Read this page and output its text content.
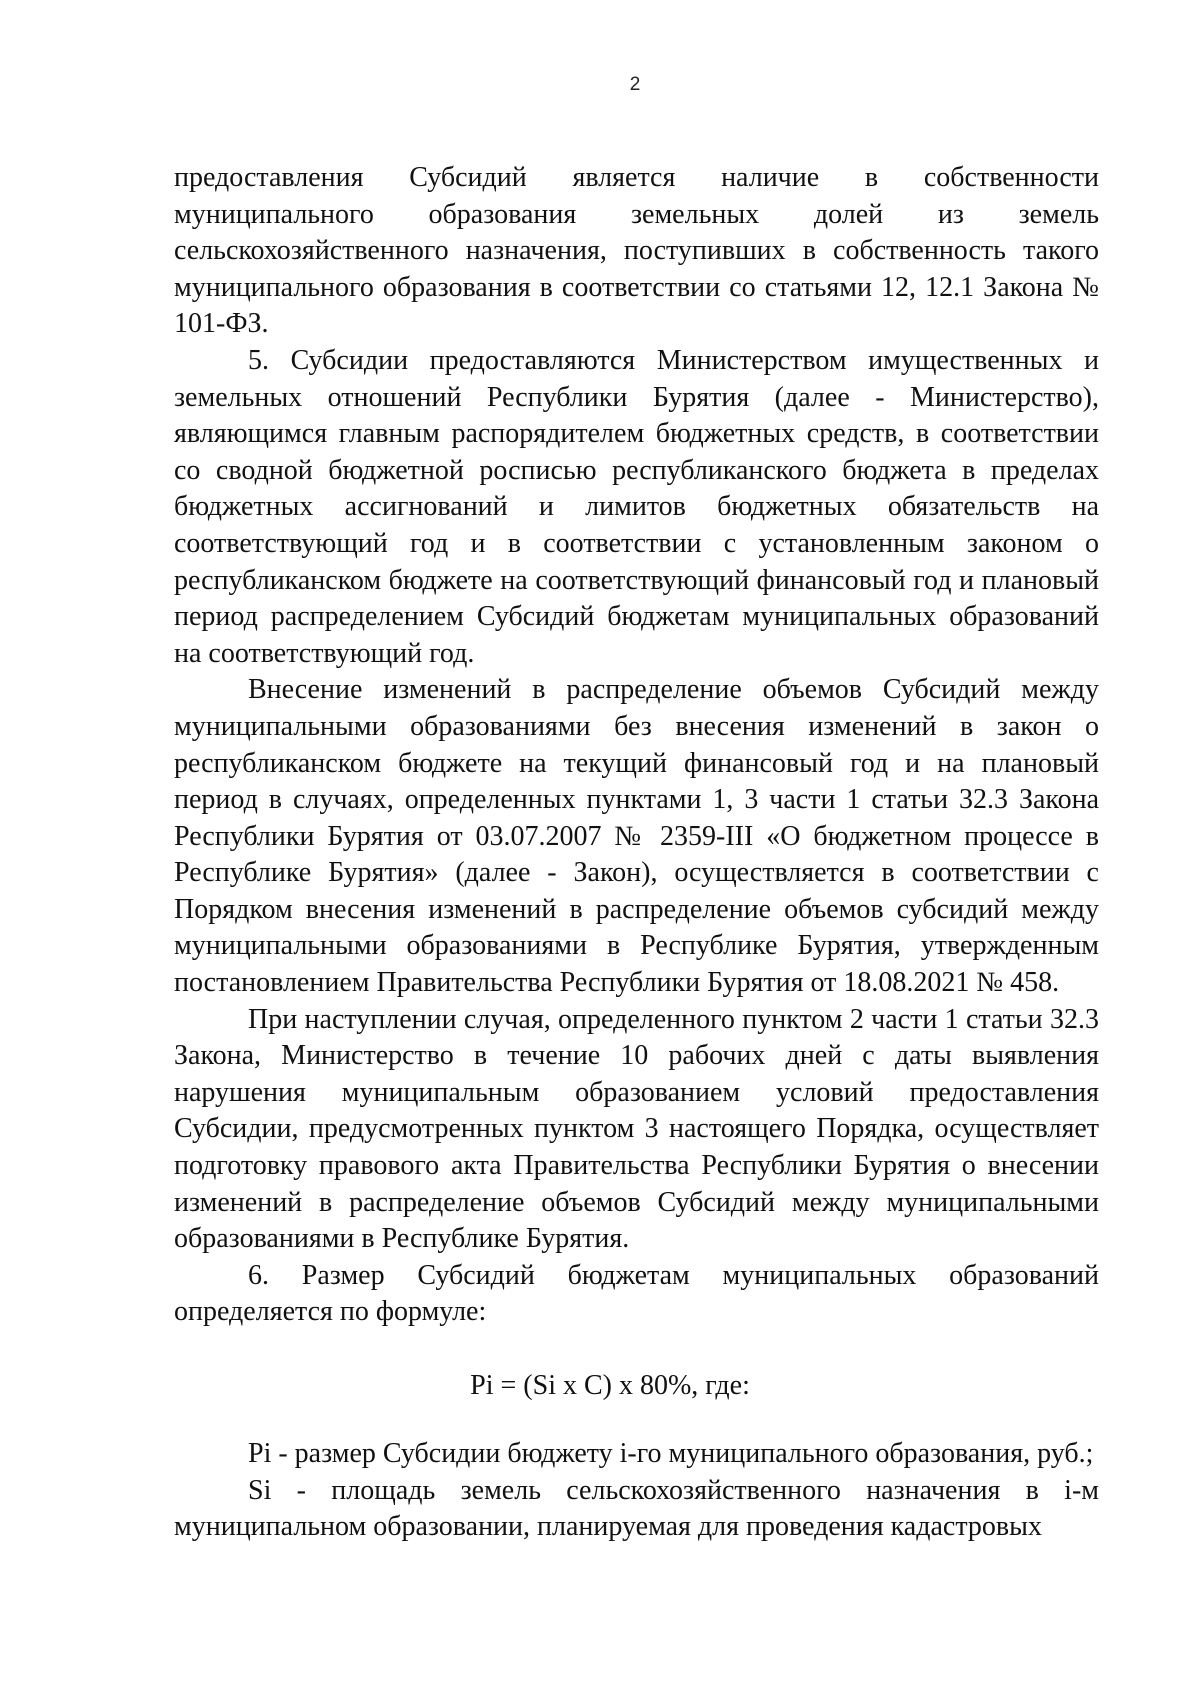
2

предоставления Субсидий является наличие в собственности муниципального образования земельных долей из земель сельскохозяйственного назначения, поступивших в собственность такого муниципального образования в соответствии со статьями 12, 12.1 Закона № 101-ФЗ.

5. Субсидии предоставляются Министерством имущественных и земельных отношений Республики Бурятия (далее - Министерство), являющимся главным распорядителем бюджетных средств, в соответствии со сводной бюджетной росписью республиканского бюджета в пределах бюджетных ассигнований и лимитов бюджетных обязательств на соответствующий год и в соответствии с установленным законом о республиканском бюджете на соответствующий финансовый год и плановый период распределением Субсидий бюджетам муниципальных образований на соответствующий год.

Внесение изменений в распределение объемов Субсидий между муниципальными образованиями без внесения изменений в закон о республиканском бюджете на текущий финансовый год и на плановый период в случаях, определенных пунктами 1, 3 части 1 статьи 32.3 Закона Республики Бурятия от 03.07.2007 № 2359-III «О бюджетном процессе в Республике Бурятия» (далее - Закон), осуществляется в соответствии с Порядком внесения изменений в распределение объемов субсидий между муниципальными образованиями в Республике Бурятия, утвержденным постановлением Правительства Республики Бурятия от 18.08.2021 № 458.

При наступлении случая, определенного пунктом 2 части 1 статьи 32.3 Закона, Министерство в течение 10 рабочих дней с даты выявления нарушения муниципальным образованием условий предоставления Субсидии, предусмотренных пунктом 3 настоящего Порядка, осуществляет подготовку правового акта Правительства Республики Бурятия о внесении изменений в распределение объемов Субсидий между муниципальными образованиями в Республике Бурятия.

6. Размер Субсидий бюджетам муниципальных образований определяется по формуле:

Pi = (Si x C) x 80%, где:

Pi - размер Субсидии бюджету i-го муниципального образования, руб.;

Si - площадь земель сельскохозяйственного назначения в i-м муниципальном образовании, планируемая для проведения кадастровых
